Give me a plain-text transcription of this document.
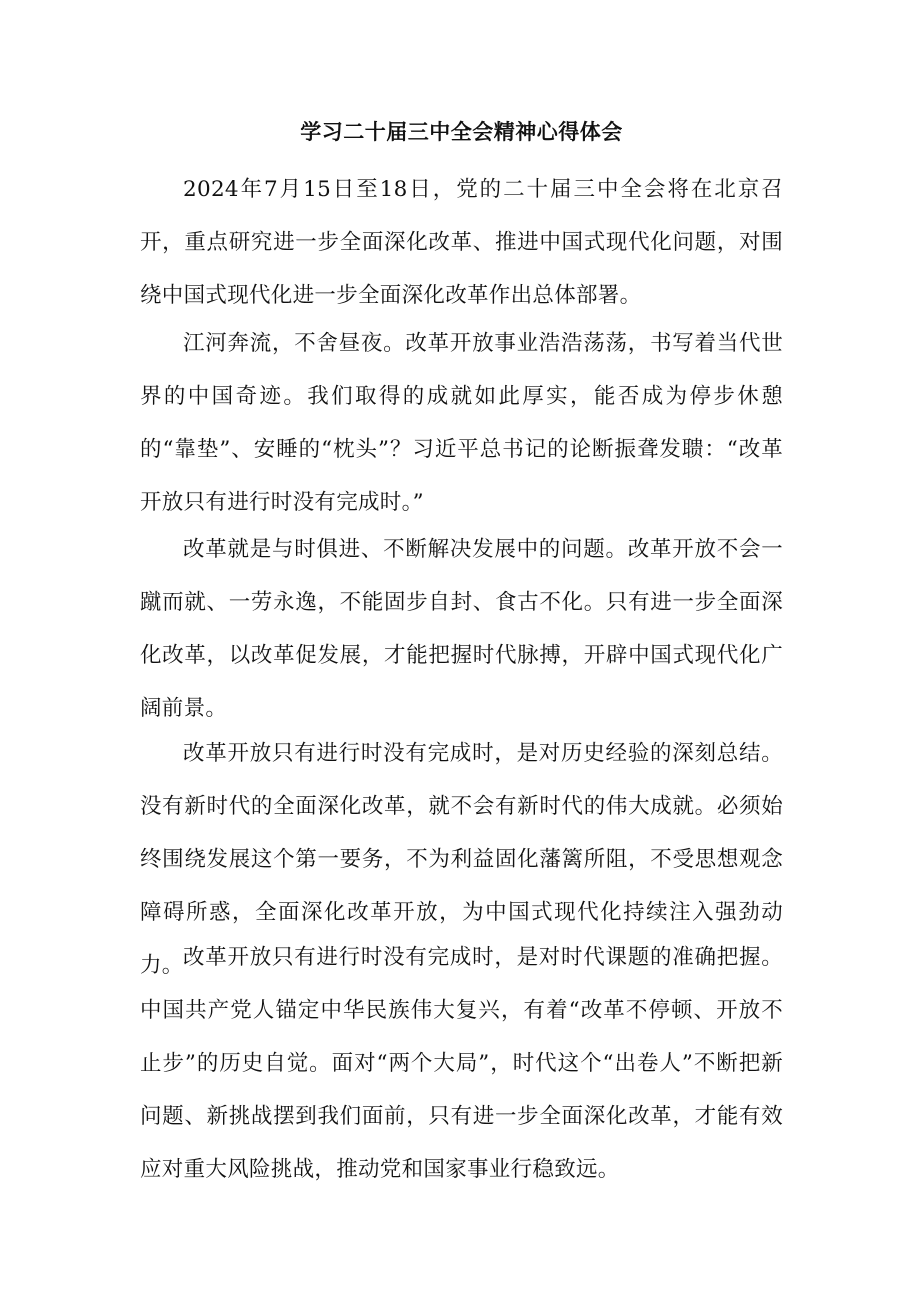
学习二十届三中全会精神心得体会

2024年7月15日至18日，党的二十届三中全会将在北京召开，重点研究进一步全面深化改革、推进中国式现代化问题，对围绕中国式现代化进一步全面深化改革作出总体部署。

江河奔流，不舍昼夜。改革开放事业浩浩荡荡，书写着当代世界的中国奇迹。我们取得的成就如此厚实，能否成为停步休憩的“靠垫”、安睡的“枕头”？习近平总书记的论断振聋发聩：“改革开放只有进行时没有完成时。”

改革就是与时俱进、不断解决发展中的问题。改革开放不会一蹴而就、一劳永逸，不能固步自封、食古不化。只有进一步全面深化改革，以改革促发展，才能把握时代脉搏，开辟中国式现代化广阔前景。

改革开放只有进行时没有完成时，是对历史经验的深刻总结。没有新时代的全面深化改革，就不会有新时代的伟大成就。必须始终围绕发展这个第一要务，不为利益固化藩篱所阻，不受思想观念障碍所惑，全面深化改革开放，为中国式现代化持续注入强劲动力。 改革开放只有进行时没有完成时，是对时代课题的准确把握。中国共产党人锚定中华民族伟大复兴，有着“改革不停顿、开放不止步”的历史自觉。面对“两个大局”，时代这个“出卷人”不断把新问题、新挑战摆到我们面前，只有进一步全面深化改革，才能有效应对重大风险挑战，推动党和国家事业行稳致远。
